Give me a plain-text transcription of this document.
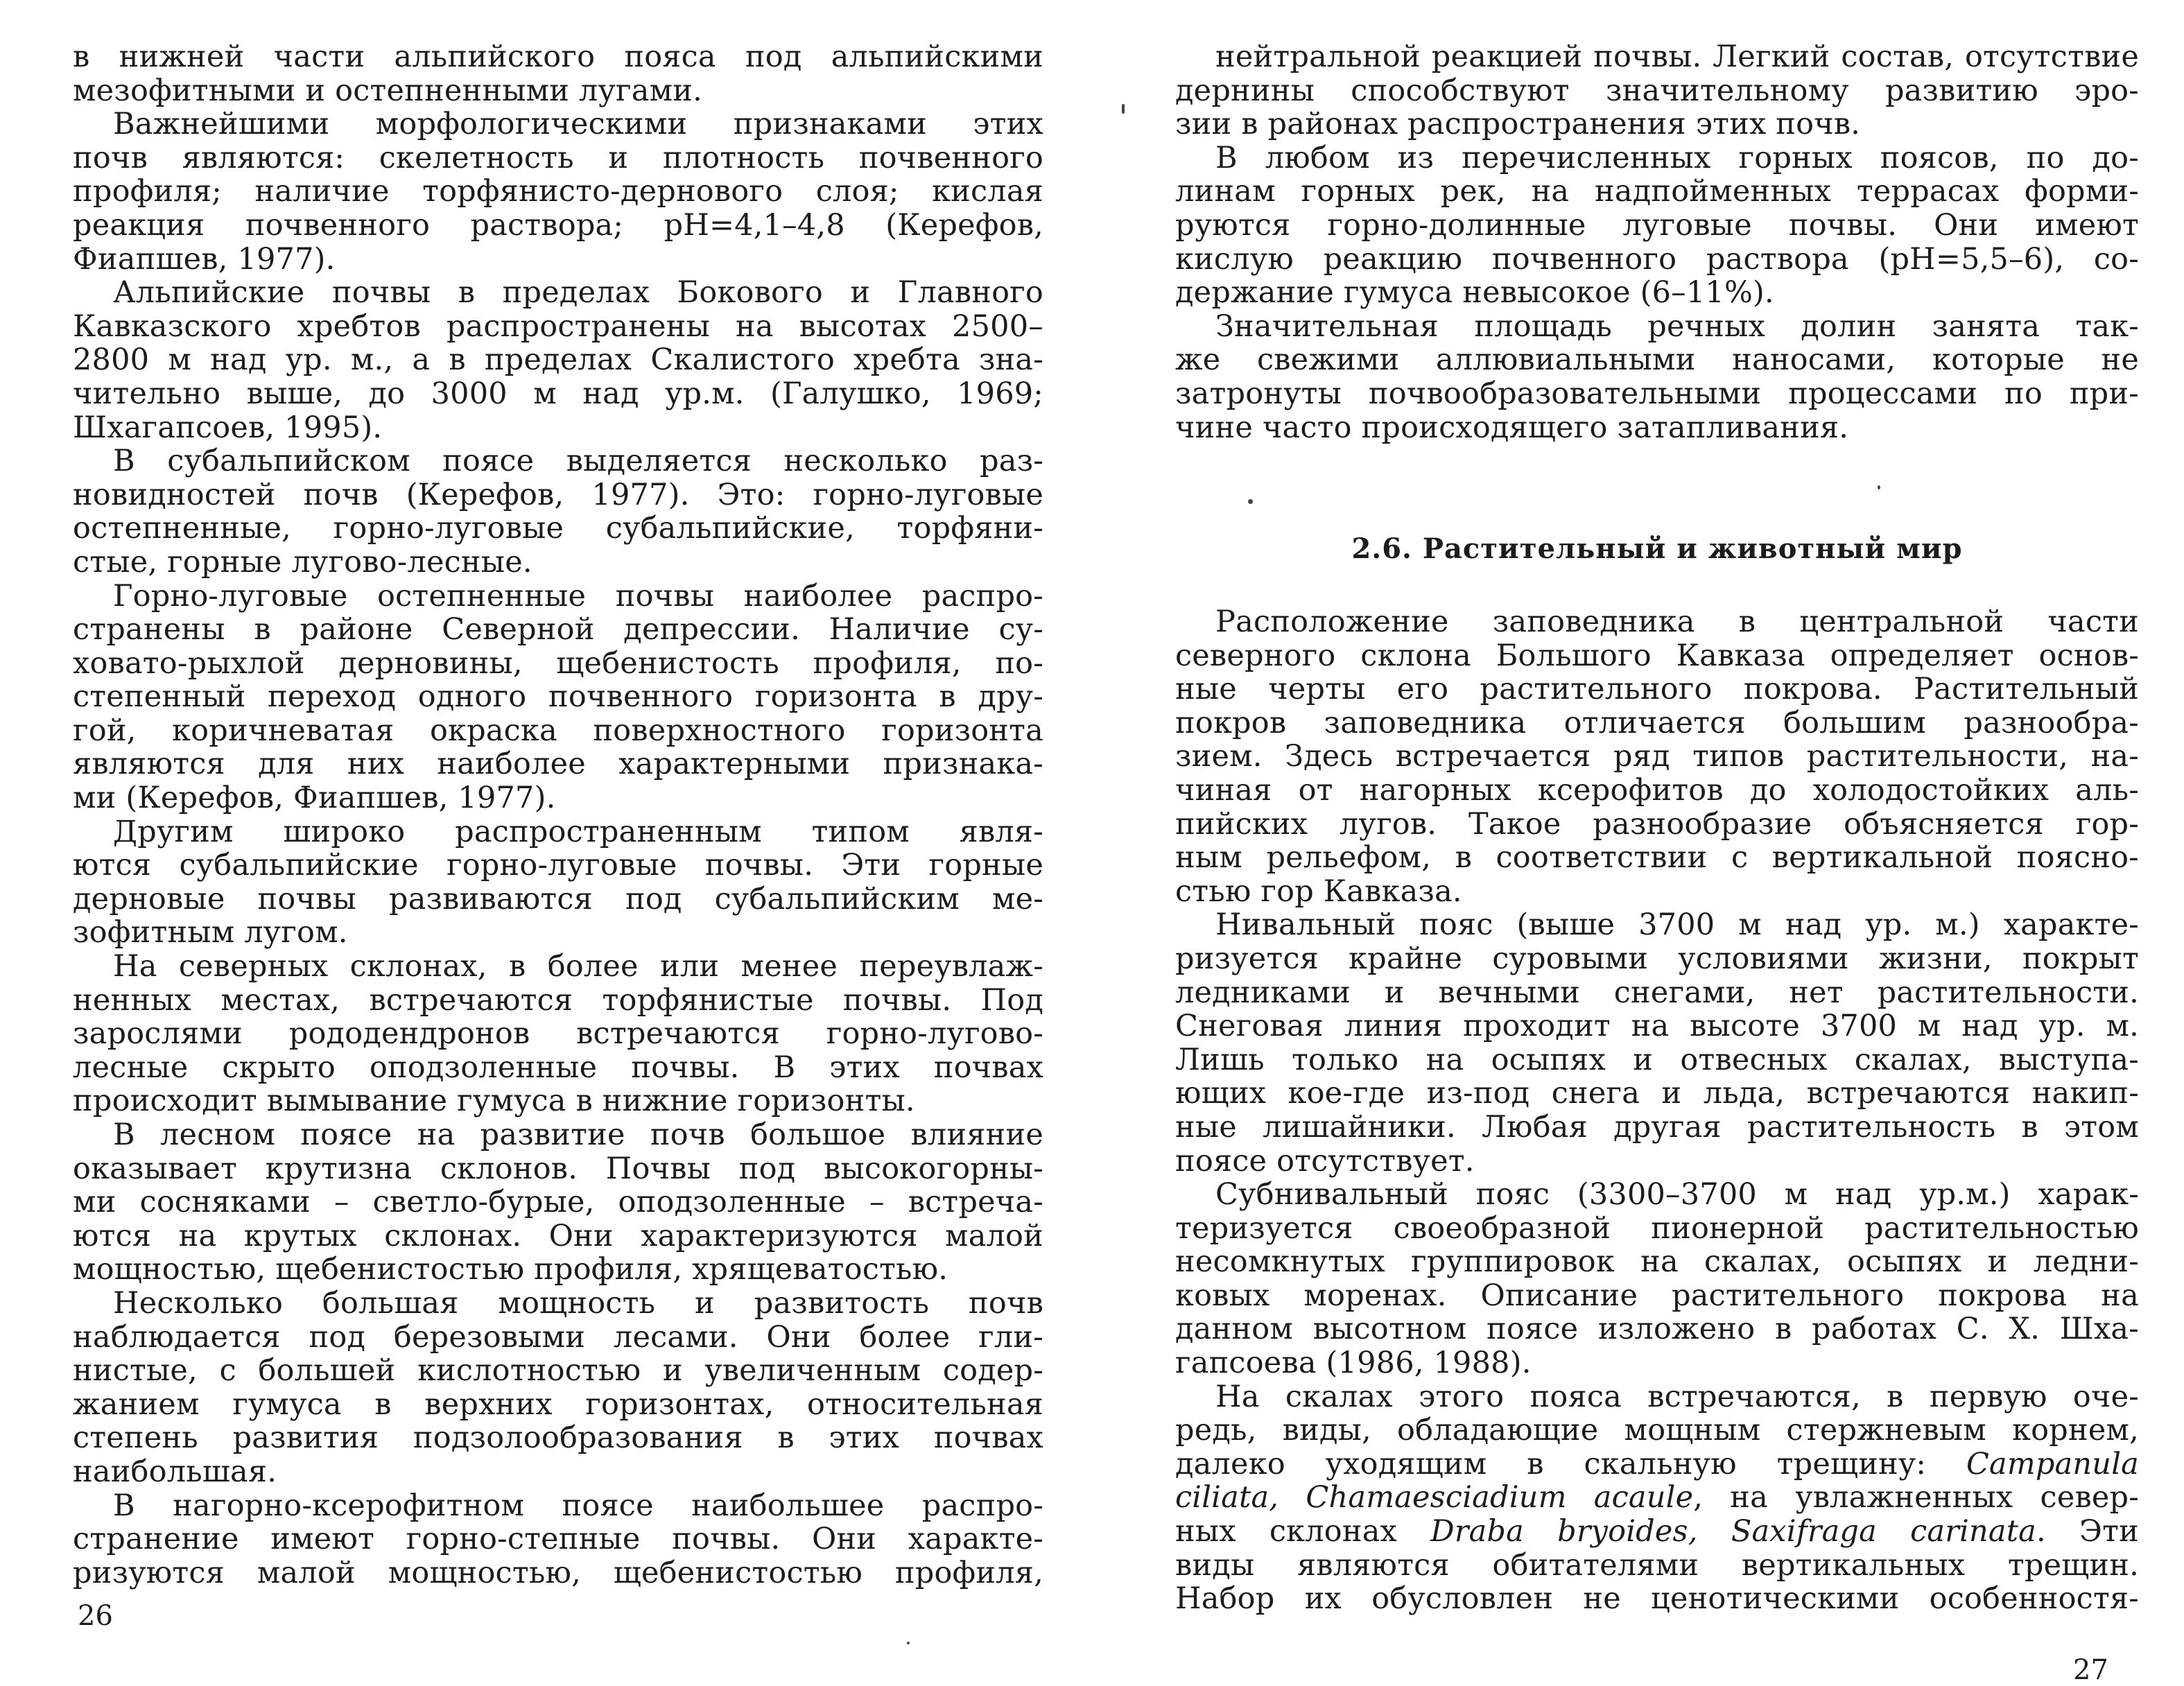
в нижней части альпийского пояса под альпийскими
мезофитными и остепненными лугами.
Важнейшими морфологическими признаками этих
почв являются: скелетность и плотность почвенного
профиля; наличие торфянисто-дернового слоя; кислая
реакция почвенного раствора; pH=4,1–4,8 (Керефов,
Фиапшев, 1977).
Альпийские почвы в пределах Бокового и Главного
Кавказского хребтов распространены на высотах 2500–
2800 м над ур. м., а в пределах Скалистого хребта зна-
чительно выше, до 3000 м над ур.м. (Галушко, 1969;
Шхагапсоев, 1995).
В субальпийском поясе выделяется несколько раз-
новидностей почв (Керефов, 1977). Это: горно-луговые
остепненные, горно-луговые субальпийские, торфяни-
стые, горные лугово-лесные.
Горно-луговые остепненные почвы наиболее распро-
странены в районе Северной депрессии. Наличие су-
ховато-рыхлой дерновины, щебенистость профиля, по-
степенный переход одного почвенного горизонта в дру-
гой, коричневатая окраска поверхностного горизонта
являются для них наиболее характерными признака-
ми (Керефов, Фиапшев, 1977).
Другим широко распространенным типом явля-
ются субальпийские горно-луговые почвы. Эти горные
дерновые почвы развиваются под субальпийским ме-
зофитным лугом.
На северных склонах, в более или менее переувлаж-
ненных местах, встречаются торфянистые почвы. Под
зарослями рододендронов встречаются горно-лугово-
лесные скрыто оподзоленные почвы. В этих почвах
происходит вымывание гумуса в нижние горизонты.
В лесном поясе на развитие почв большое влияние
оказывает крутизна склонов. Почвы под высокогорны-
ми сосняками – светло-бурые, оподзоленные – встреча-
ются на крутых склонах. Они характеризуются малой
мощностью, щебенистостью профиля, хрящеватостью.
Несколько большая мощность и развитость почв
наблюдается под березовыми лесами. Они более гли-
нистые, с большей кислотностью и увеличенным содер-
жанием гумуса в верхних горизонтах, относительная
степень развития подзолообразования в этих почвах
наибольшая.
В нагорно-ксерофитном поясе наибольшее распро-
странение имеют горно-степные почвы. Они характе-
ризуются малой мощностью, щебенистостью профиля,
26
нейтральной реакцией почвы. Легкий состав, отсутствие
дернины способствуют значительному развитию эро-
зии в районах распространения этих почв.
В любом из перечисленных горных поясов, по до-
линам горных рек, на надпойменных террасах форми-
руются горно-долинные луговые почвы. Они имеют
кислую реакцию почвенного раствора (pH=5,5–6), со-
держание гумуса невысокое (6–11%).
Значительная площадь речных долин занята так-
же свежими аллювиальными наносами, которые не
затронуты почвообразовательными процессами по при-
чине часто происходящего затапливания.
2.6. Растительный и животный мир
Расположение заповедника в центральной части
северного склона Большого Кавказа определяет основ-
ные черты его растительного покрова. Растительный
покров заповедника отличается большим разнообра-
зием. Здесь встречается ряд типов растительности, на-
чиная от нагорных ксерофитов до холодостойких аль-
пийских лугов. Такое разнообразие объясняется гор-
ным рельефом, в соответствии с вертикальной поясно-
стью гор Кавказа.
Нивальный пояс (выше 3700 м над ур. м.) характе-
ризуется крайне суровыми условиями жизни, покрыт
ледниками и вечными снегами, нет растительности.
Снеговая линия проходит на высоте 3700 м над ур. м.
Лишь только на осыпях и отвесных скалах, выступа-
ющих кое-где из-под снега и льда, встречаются накип-
ные лишайники. Любая другая растительность в этом
поясе отсутствует.
Субнивальный пояс (3300–3700 м над ур.м.) харак-
теризуется своеобразной пионерной растительностью
несомкнутых группировок на скалах, осыпях и ледни-
ковых моренах. Описание растительного покрова на
данном высотном поясе изложено в работах С. Х. Шха-
гапсоева (1986, 1988).
На скалах этого пояса встречаются, в первую оче-
редь, виды, обладающие мощным стержневым корнем,
далеко уходящим в скальную трещину: Campanula
ciliata, Chamaesciadium acaule, на увлажненных север-
ных склонах Draba bryoides, Saxifraga carinata. Эти
виды являются обитателями вертикальных трещин.
Набор их обусловлен не ценотическими особенностя-
27
